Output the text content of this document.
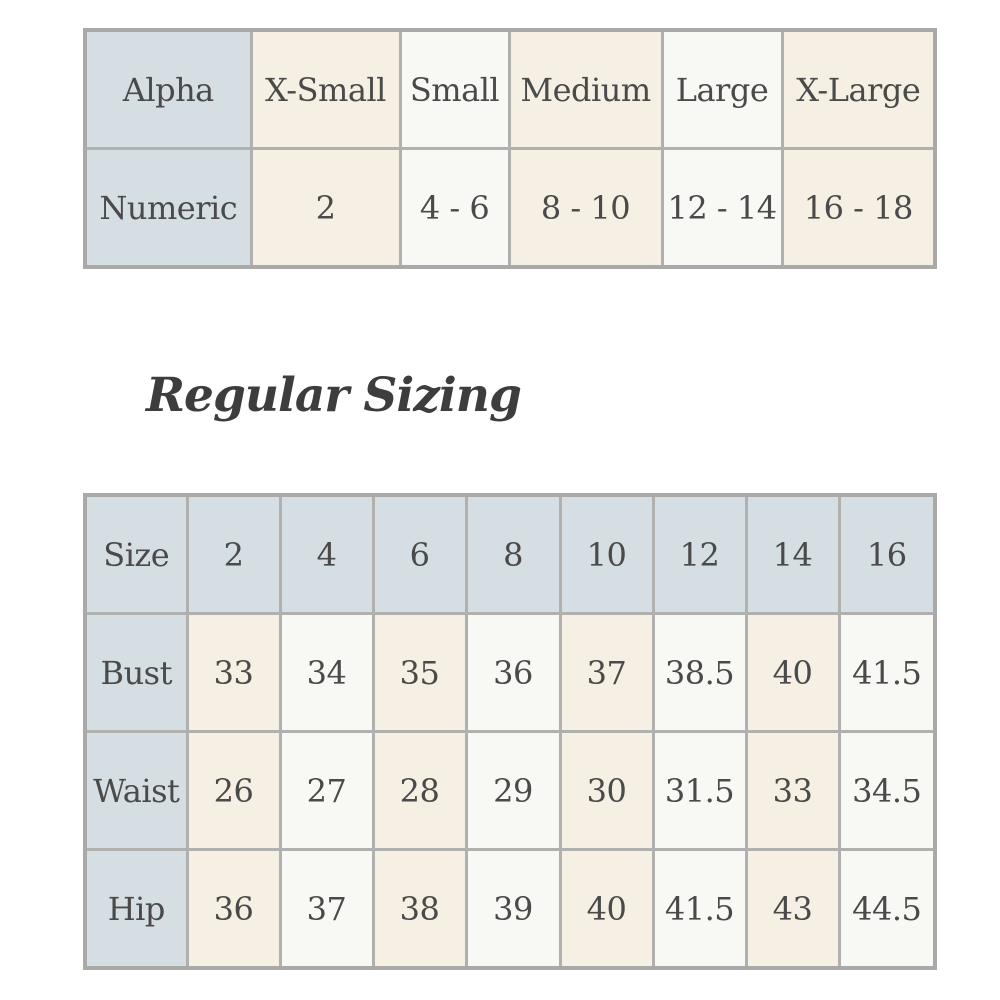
Alpha	X-Small	Small	Medium	Large	X-Large
Numeric	2	4 - 6	8 - 10	12 - 14	16 - 18
Regular Sizing
Size	2	4	6	8	10	12	14	16
Bust	33	34	35	36	37	38.5	40	41.5
Waist	26	27	28	29	30	31.5	33	34.5
Hip	36	37	38	39	40	41.5	43	44.5
